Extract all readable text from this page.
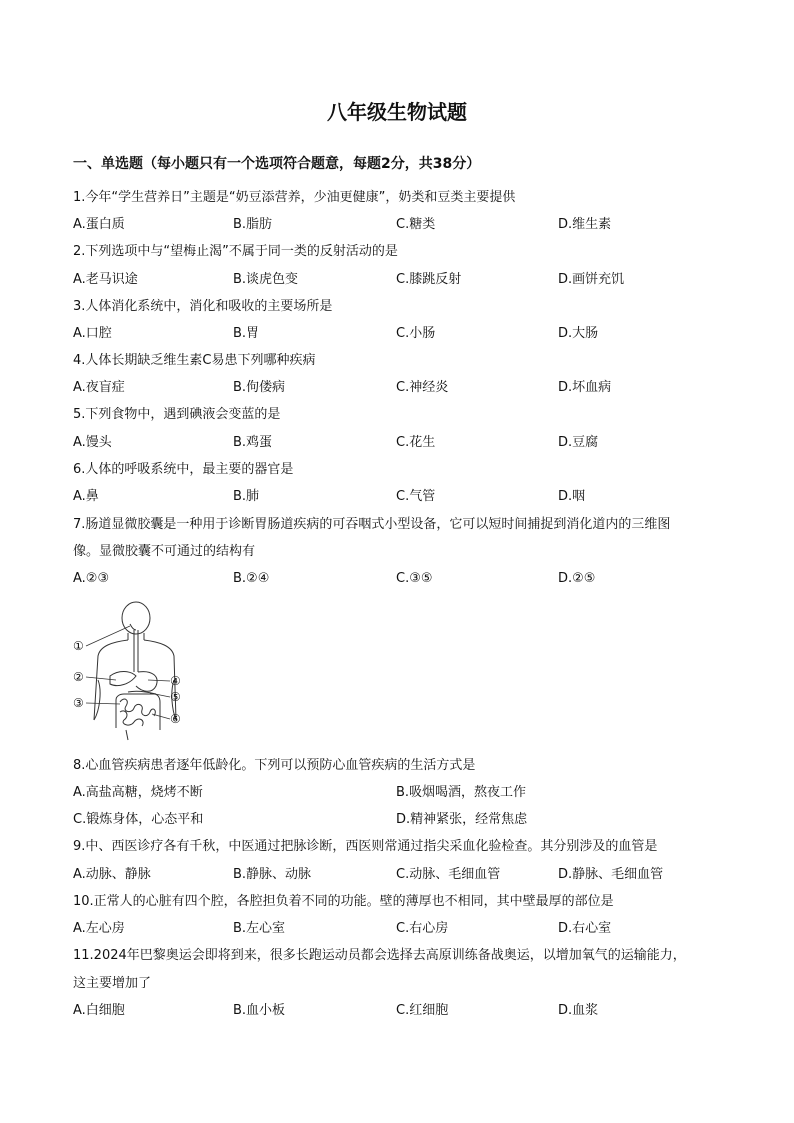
八年级生物试题
一、单选题（每小题只有一个选项符合题意，每题2分，共38分）
1.今年“学生营养日”主题是“奶豆添营养，少油更健康”，奶类和豆类主要提供
A.蛋白质	B.脂肪	C.糖类	D.维生素
2.下列选项中与“望梅止渴”不属于同一类的反射活动的是
A.老马识途	B.谈虎色变	C.膝跳反射	D.画饼充饥
3.人体消化系统中，消化和吸收的主要场所是
A.口腔	B.胃	C.小肠	D.大肠
4.人体长期缺乏维生素C易患下列哪种疾病
A.夜盲症	B.佝偻病	C.神经炎	D.坏血病
5.下列食物中，遇到碘液会变蓝的是
A.馒头	B.鸡蛋	C.花生	D.豆腐
6.人体的呼吸系统中，最主要的器官是
A.鼻	B.肺	C.气管	D.咽
7.肠道显微胶囊是一种用于诊断胃肠道疾病的可吞咽式小型设备，它可以短时间捕捉到消化道内的三维图
像。显微胶囊不可通过的结构有
A.②③	B.②④	C.③⑤	D.②⑤
①
②
③
④
⑤
⑥
8.心血管疾病患者逐年低龄化。下列可以预防心血管疾病的生活方式是
A.高盐高糖，烧烤不断	B.吸烟喝酒，熬夜工作
C.锻炼身体，心态平和	D.精神紧张，经常焦虑
9.中、西医诊疗各有千秋，中医通过把脉诊断，西医则常通过指尖采血化验检查。其分别涉及的血管是
A.动脉、静脉	B.静脉、动脉	C.动脉、毛细血管	D.静脉、毛细血管
10.正常人的心脏有四个腔，各腔担负着不同的功能。壁的薄厚也不相同，其中壁最厚的部位是
A.左心房	B.左心室	C.右心房	D.右心室
11.2024年巴黎奥运会即将到来，很多长跑运动员都会选择去高原训练备战奥运，以增加氧气的运输能力，
这主要增加了
A.白细胞	B.血小板	C.红细胞	D.血浆
